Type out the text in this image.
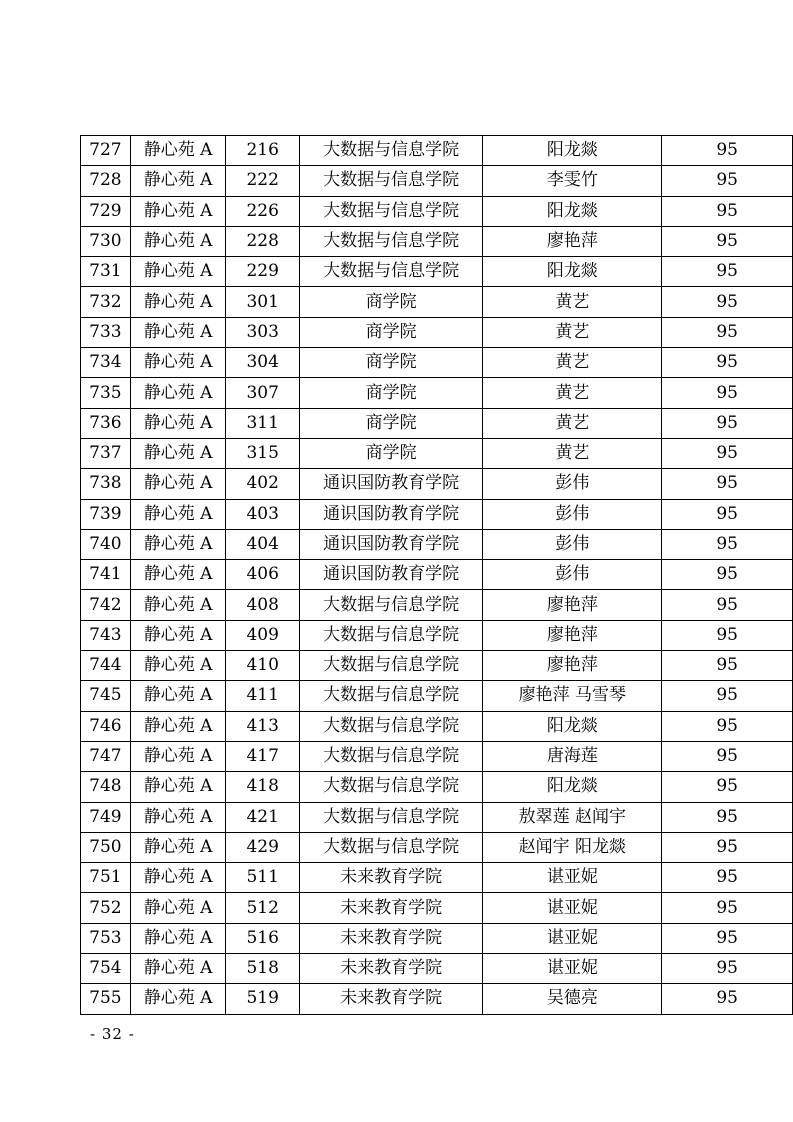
727	静心苑 A	216	大数据与信息学院	阳龙燚	95
728	静心苑 A	222	大数据与信息学院	李雯竹	95
729	静心苑 A	226	大数据与信息学院	阳龙燚	95
730	静心苑 A	228	大数据与信息学院	廖艳萍	95
731	静心苑 A	229	大数据与信息学院	阳龙燚	95
732	静心苑 A	301	商学院	黄艺	95
733	静心苑 A	303	商学院	黄艺	95
734	静心苑 A	304	商学院	黄艺	95
735	静心苑 A	307	商学院	黄艺	95
736	静心苑 A	311	商学院	黄艺	95
737	静心苑 A	315	商学院	黄艺	95
738	静心苑 A	402	通识国防教育学院	彭伟	95
739	静心苑 A	403	通识国防教育学院	彭伟	95
740	静心苑 A	404	通识国防教育学院	彭伟	95
741	静心苑 A	406	通识国防教育学院	彭伟	95
742	静心苑 A	408	大数据与信息学院	廖艳萍	95
743	静心苑 A	409	大数据与信息学院	廖艳萍	95
744	静心苑 A	410	大数据与信息学院	廖艳萍	95
745	静心苑 A	411	大数据与信息学院	廖艳萍 马雪琴	95
746	静心苑 A	413	大数据与信息学院	阳龙燚	95
747	静心苑 A	417	大数据与信息学院	唐海莲	95
748	静心苑 A	418	大数据与信息学院	阳龙燚	95
749	静心苑 A	421	大数据与信息学院	敖翠莲 赵闻宇	95
750	静心苑 A	429	大数据与信息学院	赵闻宇 阳龙燚	95
751	静心苑 A	511	未来教育学院	谌亚妮	95
752	静心苑 A	512	未来教育学院	谌亚妮	95
753	静心苑 A	516	未来教育学院	谌亚妮	95
754	静心苑 A	518	未来教育学院	谌亚妮	95
755	静心苑 A	519	未来教育学院	吴德亮	95
- 32 -
